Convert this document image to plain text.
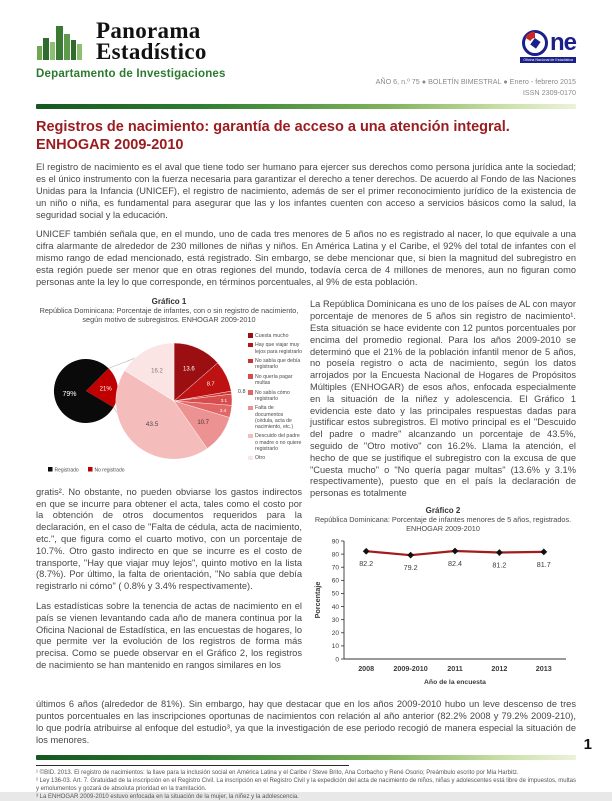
Panorama
Estadístico
Departamento de Investigaciones
ne
Oficina Nacional de Estadística
AÑO 6, n.º 75 ● BOLETÍN BIMESTRAL ● Enero - febrero 2015
ISSN 2309-0170
Registros de nacimiento: garantía de acceso a una atención integral.
ENHOGAR 2009-2010
El registro de nacimiento es el aval que tiene todo ser humano para ejercer sus derechos como persona jurídica ante la sociedad; es el único instrumento con la fuerza necesaria para garantizar el derecho a tener derechos. De acuerdo al Fondo de las Naciones Unidas para la Infancia (UNICEF), el registro de nacimiento, además de ser el primer reconocimiento jurídico de la existencia de un niño o niña, es fundamental para asegurar que las y los infantes cuenten con acceso a servicios básicos como la salud, la seguridad social y la educación.
UNICEF también señala que, en el mundo, uno de cada tres menores de 5 años no es registrado al nacer, lo que equivale a una cifra alarmante de alrededor de 230 millones de niñas y niños. En América Latina y el Caribe, el 92% del total de infantes con el mismo rango de edad mencionado, está registrado. Sin embargo, se debe mencionar que, si bien la magnitud del subregistro en esta región puede ser menor que en otras regiones del mundo, todavía cerca de 4 millones de menores, aun no figuran como personas ante la ley lo que corresponde, en términos porcentuales, al 9% de esta población.
Gráfico 1
República Dominicana: Porcentaje de infantes, con o sin registro de nacimiento, según motivo de subregistros. ENHOGAR 2009-2010
79%
21%
13.6
8.7
0.8
3.1
3.4
10.7
43.5
16.2
Registrado	No registrado
Cuesta mucho
Hay que viajar muy lejos para registrarlo
No sabía que debía registrarlo
No quería pagar multas
No sabía cómo registrarlo
Falta de documentos (cédula, acta de nacimiento, etc.)
Descuido del padre o madre o no quiere registrarlo
Otro
gratis². No obstante, no pueden obviarse los gastos indirectos en que se incurre para obtener el acta, tales como el costo por la obtención de otros documentos requeridos para la declaración, en el caso de "Falta de cédula, acta de nacimiento, etc.", que figura como el cuarto motivo, con un porcentaje de 10.7%. Otro gasto indirecto en que se incurre es el costo de transporte, "Hay que viajar muy lejos", quinto motivo en la lista (8.7%). Por último, la falta de orientación, "No sabía que debía registrarlo ni cómo" ( 0.8% y 3.4% respectivamente).
Las estadísticas sobre la tenencia de actas de nacimiento en el país se vienen levantando cada año de manera continua por la Oficina Nacional de Estadística, en las encuestas de hogares, lo que permite ver la evolución de los registros de forma más precisa. Como se puede observar en el Gráfico 2, los registros de nacimiento se han mantenido en rangos similares en los
La República Dominicana es uno de los países de AL con mayor porcentaje de menores de 5 años sin registro de nacimiento¹. Esta situación se hace evidente con 12 puntos porcentuales por encima del promedio regional. Para los años 2009-2010 se determinó que el 21% de la población infantil menor de 5 años, no poseía registro o acta de nacimiento, según los datos arrojados por la Encuesta Nacional de Hogares de Propósitos Múltiples (ENHOGAR) de esos años, enfocada especialmente en la situación de la niñez y adolescencia. El Gráfico 1 evidencia este dato y las principales respuestas dadas para justificar estos subregistros. El motivo principal es el "Descuido del padre o madre" alcanzando un porcentaje de 43.5%, seguido de "Otro motivo" con 16.2%. Llama la atención, el hecho de que se justifique el subregistro con la excusa de que "Cuesta mucho" o "No quería pagar multas" (13.6% y 3.1% respectivamente), puesto que en el país la declaración de personas es totalmente
Gráfico 2
República Dominicana: Porcentaje de infantes menores de 5 años, registrados. ENHOGAR 2009-2010
0
10
20
30
40
50
60
70
80
90
82.2
2008
79.2
2009-2010
82.4
2011
81.2
2012
81.7
2013
Porcentaje
Año de la encuesta
últimos 6 años (alrededor de 81%). Sin embargo, hay que destacar que en los años 2009-2010 hubo un leve descenso de tres puntos porcentuales en las inscripciones oportunas de nacimientos con relación al año anterior (82.2% 2008 y 79.2% 2009-210), lo que podría atribuirse al enfoque del estudio³, ya que la investigación de ese periodo recogió de manera especial la situación de los menores.
¹ ©BID. 2013. El registro de nacimientos: la llave para la inclusión social en América Latina y el Caribe / Steve Brito, Ana Corbacho y René Osorio; Preámbulo escrito por Mia Harbitz.
² Ley 136-03. Art. 7. Gratuidad de la inscripción en el Registro Civil. La inscripción en el Registro Civil y la expedición del acta de nacimiento de niños, niñas y adolescentes está libre de impuestos, multas y emolumentos y gozará de absoluta prioridad en la tramitación.
³ La ENHOGAR 2009-2010 estuvo enfocada en la situación de la mujer, la niñez y la adolescencia.
1
